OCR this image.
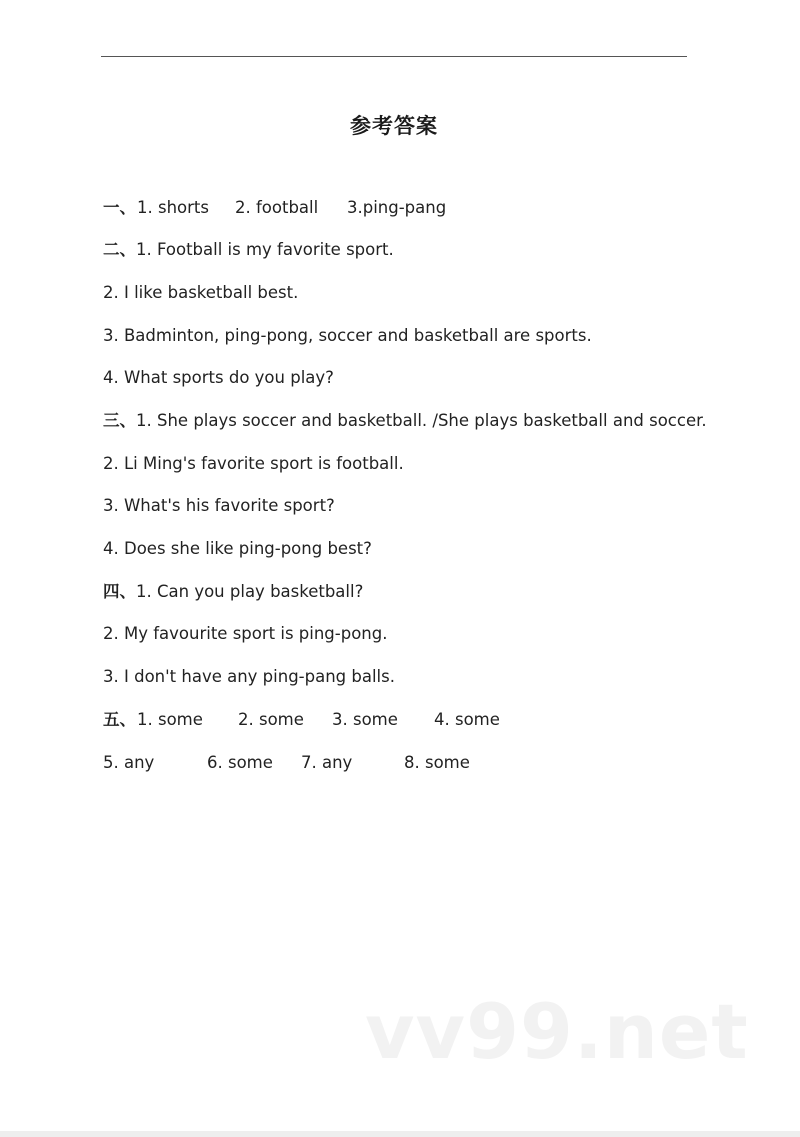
参考答案
一、 1. shorts 2. football 3.ping-pang
二、1. Football is my favorite sport.
2. I like basketball best.
3. Badminton, ping-pong, soccer and basketball are sports.
4. What sports do you play?
三、1. She plays soccer and basketball. /She plays basketball and soccer.
2. Li Ming's favorite sport is football.
3. What's his favorite sport?
4. Does she like ping-pong best?
四、1. Can you play basketball?
2. My favourite sport is ping-pong.
3. I don't have any ping-pang balls.
五、 1. some 2. some 3. some 4. some
5. any	6. some 7. any	8. some
vv99.net
